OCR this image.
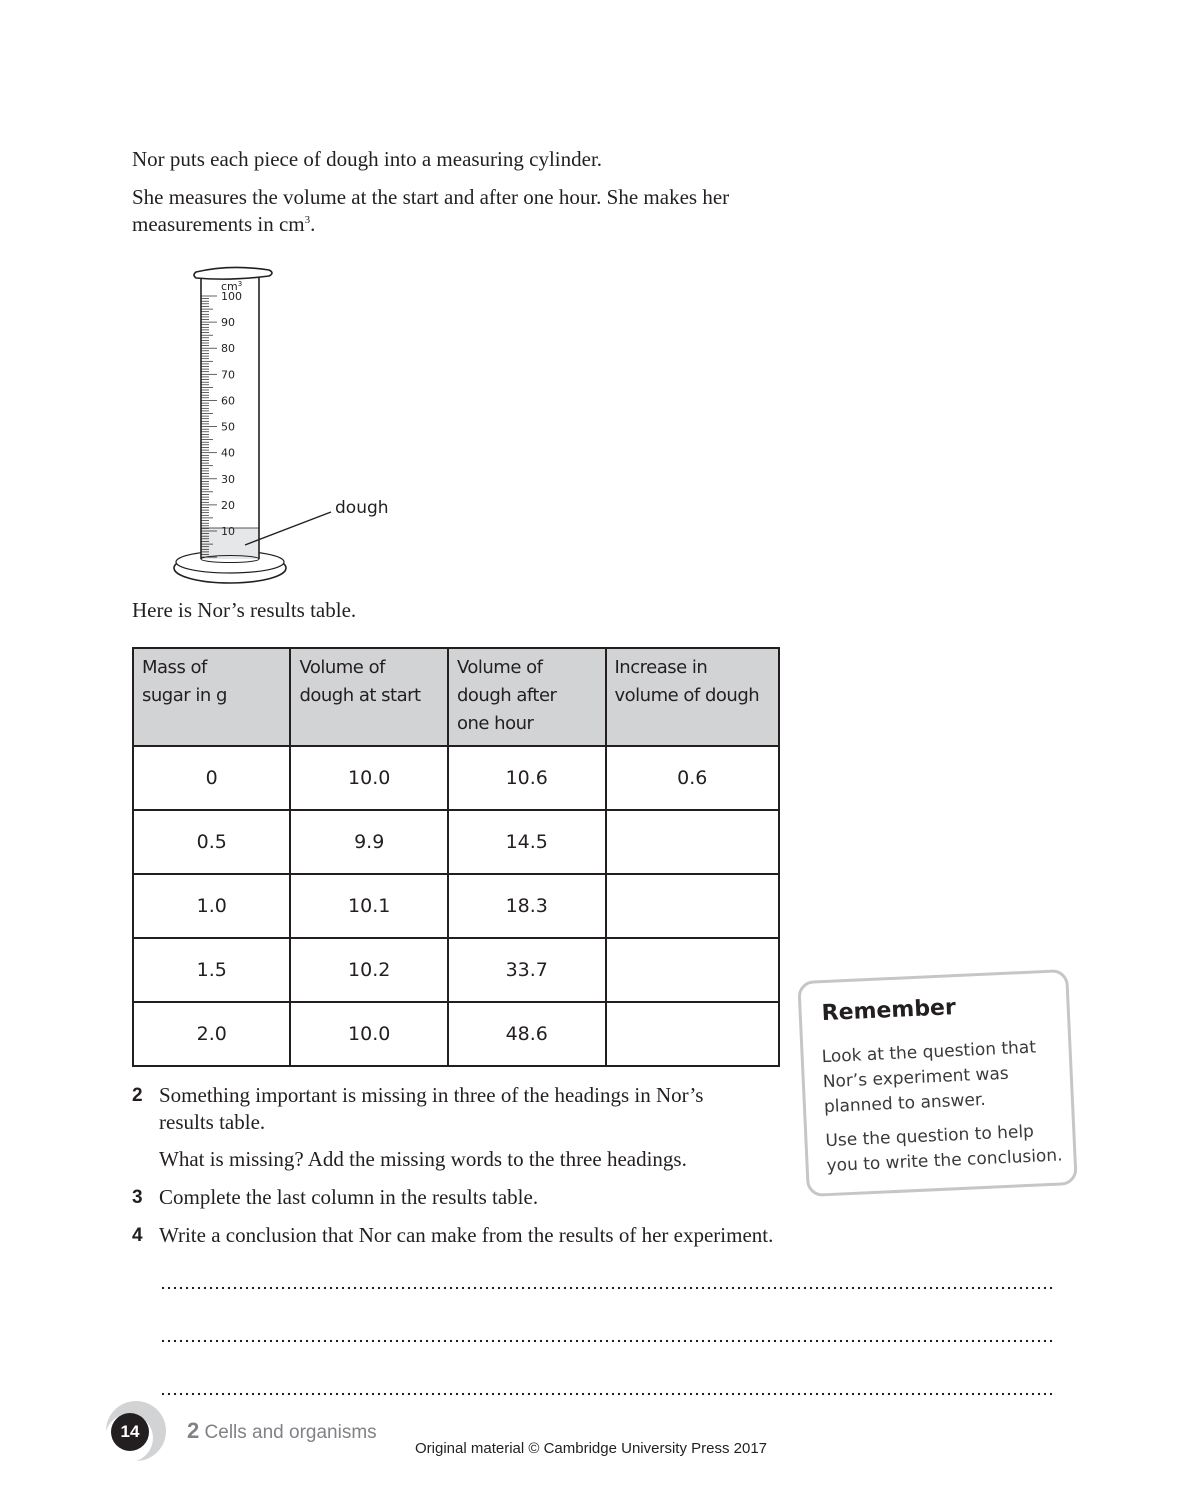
Nor puts each piece of dough into a measuring cylinder.

She measures the volume at the start and after one hour. She makes her
measurements in $cm^3$.

$cm^3$
100
90
80
70
60
50
40
30
20
10
dough

Here is Nor’s results table.

Mass of
sugar in g	Volume of
dough at start	Volume of
dough after
one hour	Increase in
volume of dough
0	10.0	10.6	0.6
0.5	9.9	14.5	
1.0	10.1	18.3	
1.5	10.2	33.7	
2.0	10.0	48.6	
2 Something important is missing in three of the headings in Nor’s
results table.
What is missing? Add the missing words to the three headings.
3 Complete the last column in the results table.
4 Write a conclusion that Nor can make from the results of her experiment.
Remember
Look at the question that Nor’s experiment was planned to answer.
Use the question to help you to write the conclusion.
14	2 Cells and organisms
Original material © Cambridge University Press 2017
